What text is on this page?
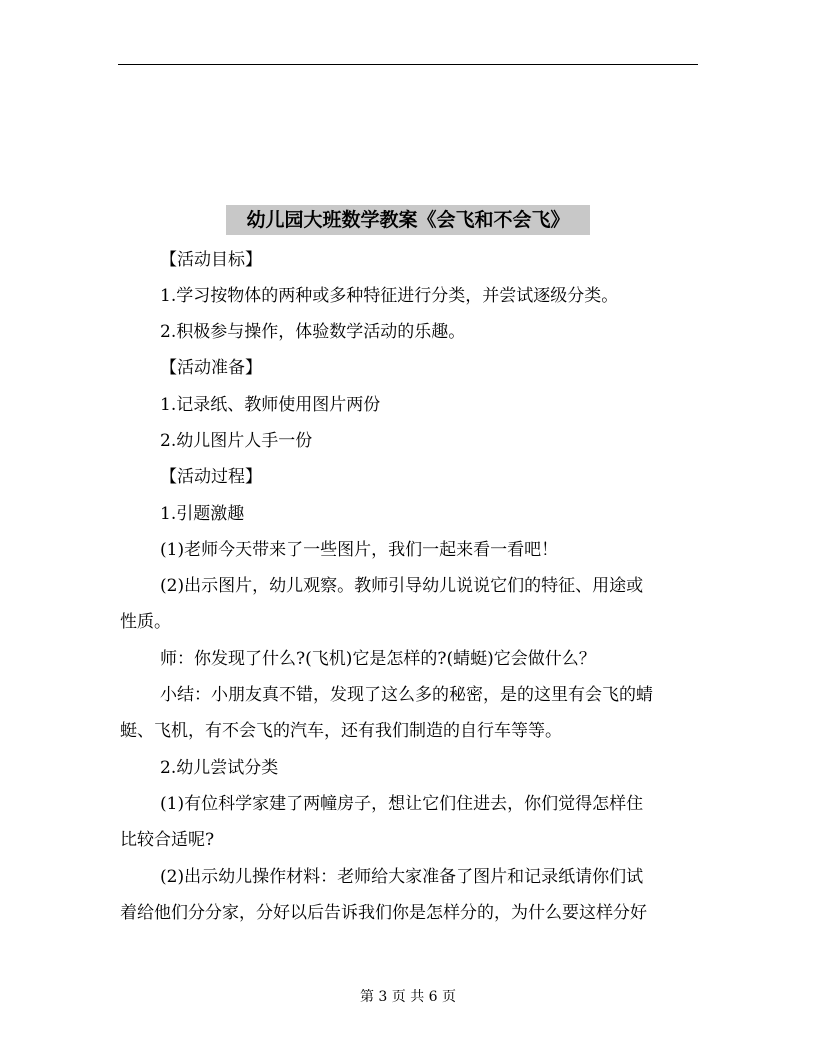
幼儿园大班数学教案《会飞和不会飞》
【活动目标】
1.学习按物体的两种或多种特征进行分类，并尝试逐级分类。
2.积极参与操作，体验数学活动的乐趣。
【活动准备】
1.记录纸、教师使用图片两份
2.幼儿图片人手一份
【活动过程】
1.引题激趣
(1)老师今天带来了一些图片，我们一起来看一看吧！
(2)出示图片，幼儿观察。教师引导幼儿说说它们的特征、用途或
性质。
师：你发现了什么?(飞机)它是怎样的?(蜻蜓)它会做什么？
小结：小朋友真不错，发现了这么多的秘密，是的这里有会飞的蜻
蜓、飞机，有不会飞的汽车，还有我们制造的自行车等等。
2.幼儿尝试分类
(1)有位科学家建了两幢房子，想让它们住进去，你们觉得怎样住
比较合适呢?
(2)出示幼儿操作材料：老师给大家准备了图片和记录纸请你们试
着给他们分分家，分好以后告诉我们你是怎样分的，为什么要这样分好
第 3 页 共 6 页
